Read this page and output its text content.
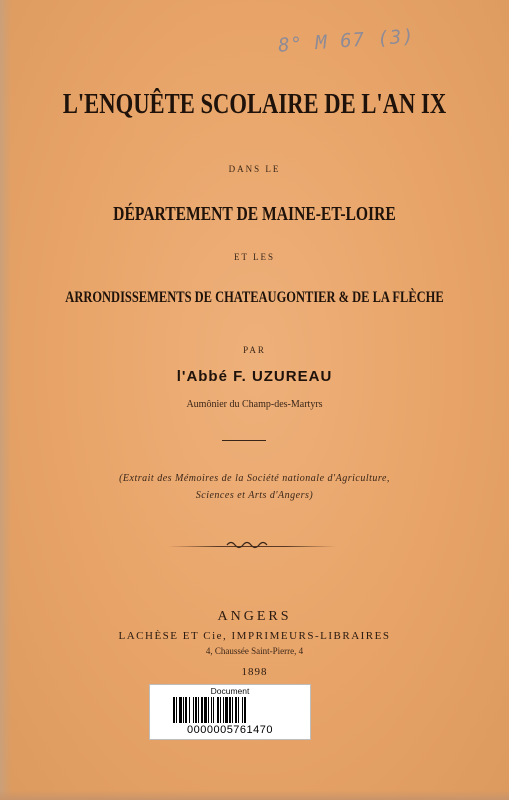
8° M 67 (3)
L'ENQUÊTE SCOLAIRE DE L'AN IX
DANS LE
DÉPARTEMENT DE MAINE-ET-LOIRE
ET LES
ARRONDISSEMENTS DE CHATEAUGONTIER & DE LA FLÈCHE
PAR
l'Abbé F. UZUREAU
Aumônier du Champ-des-Martyrs
(Extrait des Mémoires de la Société nationale d'Agriculture,
Sciences et Arts d'Angers)
ANGERS
LACHÈSE ET Cie, IMPRIMEURS-LIBRAIRES
4, Chaussée Saint-Pierre, 4
1898
Document
0000005761470
